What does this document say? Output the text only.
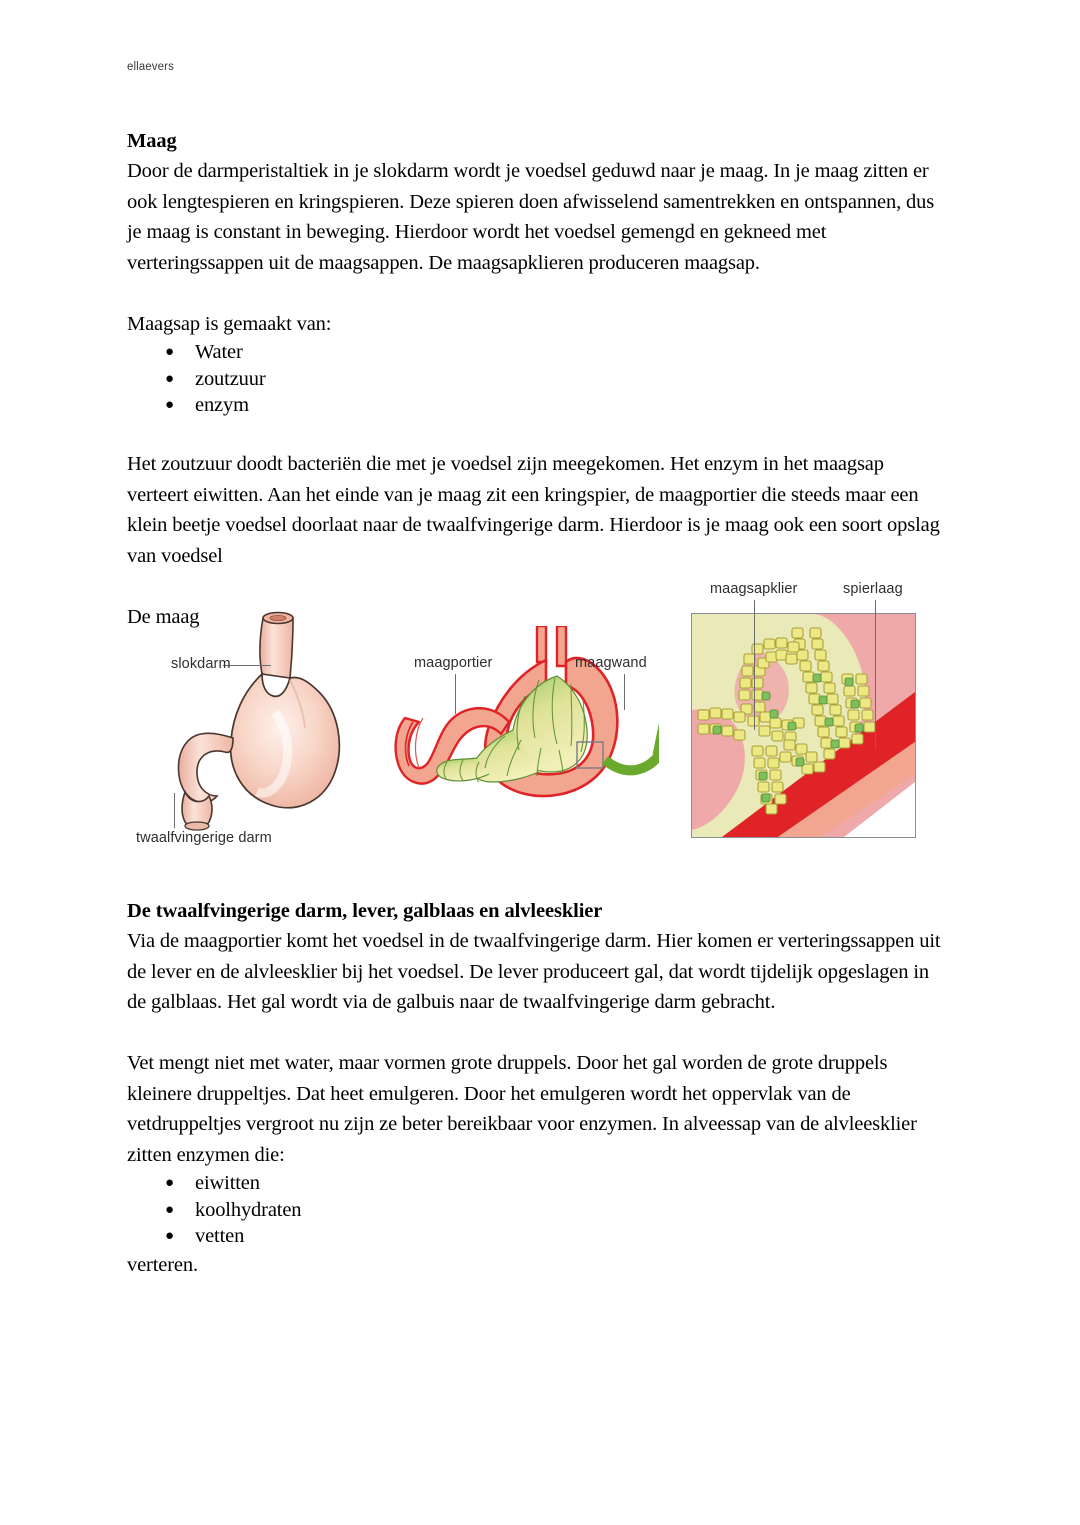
ellaevers
Maag

Door de darmperistaltiek in je slokdarm wordt je voedsel geduwd naar je maag. In je maag zitten er ook lengtespieren en kringspieren. Deze spieren doen afwisselend samentrekken en ontspannen, dus je maag is constant in beweging. Hierdoor wordt het voedsel gemengd en gekneed met verteringssappen uit de maagsappen. De maagsapklieren produceren maagsap.

Maagsap is gemaakt van:

● Water
● zoutzuur
● enzym

Het zoutzuur doodt bacteriën die met je voedsel zijn meegekomen. Het enzym in het maagsap verteert eiwitten. Aan het einde van je maag zit een kringspier, de maagportier die steeds maar een klein beetje voedsel doorlaat naar de twaalfvingerige darm. Hierdoor is je maag ook een soort opslag van voedsel

De maag

slokdarm
twaalfvingerige darm
maagportier	maagwand
maagsapklier	spierlaag
De twaalfvingerige darm, lever, galblaas en alvleesklier

Via de maagportier komt het voedsel in de twaalfvingerige darm. Hier komen er verteringssappen uit de lever en de alvleesklier bij het voedsel. De lever produceert gal, dat wordt tijdelijk opgeslagen in de galblaas. Het gal wordt via de galbuis naar de twaalfvingerige darm gebracht.

Vet mengt niet met water, maar vormen grote druppels. Door het gal worden de grote druppels kleinere druppeltjes. Dat heet emulgeren. Door het emulgeren wordt het oppervlak van de vetdruppeltjes vergroot nu zijn ze beter bereikbaar voor enzymen. In alveessap van de alvleesklier zitten enzymen die:

● eiwitten
● koolhydraten
● vetten

verteren.
